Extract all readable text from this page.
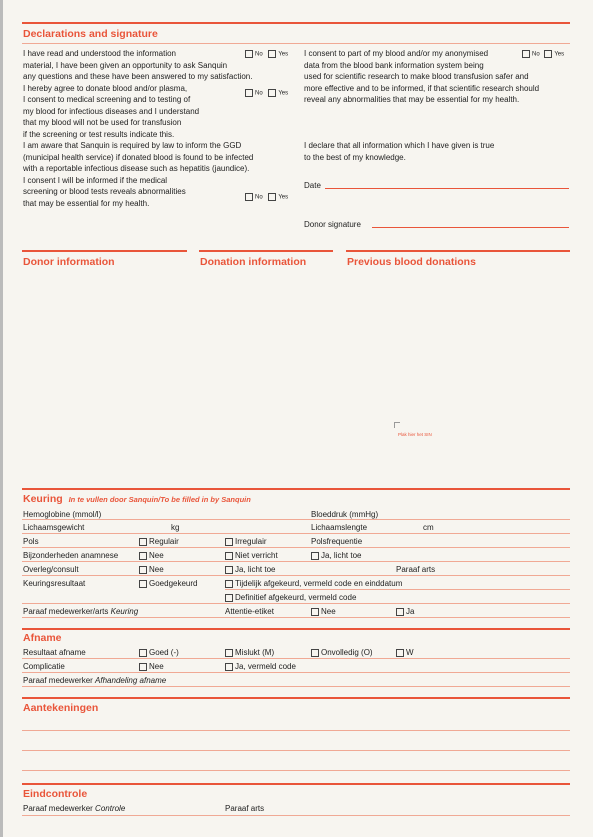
Declarations and signature
I have read and understood the information
material, I have been given an opportunity to ask Sanquin
any questions and these have been answered to my satisfaction.
I hereby agree to donate blood and/or plasma,
I consent to medical screening and to testing of
my blood for infectious diseases and I understand
that my blood will not be used for transfusion
if the screening or test results indicate this.
I am aware that Sanquin is required by law to inform the GGD
(municipal health service) if donated blood is found to be infected
with a reportable infectious disease such as hepatitis (jaundice).
I consent I will be informed if the medical
screening or blood tests reveals abnormalities
that may be essential for my health.
No	Yes
No	Yes
No	Yes
I consent to part of my blood and/or my anonymised
data from the blood bank information system being
used for scientific research to make blood transfusion safer and
more effective and to be informed, if that scientific research should
reveal any abnormalities that may be essential for my health.
No Yes
I declare that all information which I have given is true
to the best of my knowledge.
Date
Donor signature
Donor information	Donation information	Previous blood donations
Plak hier het SIN
Keuring In te vullen door Sanquin/To be filled in by Sanquin
Hemoglobine (mmol/l)	Bloeddruk (mmHg)
Lichaamsgewicht	kg	Lichaamslengte	cm
Pols	Regulair	Irregulair	Polsfrequentie
Bijzonderheden anamnese	Nee	Niet verricht	Ja, licht toe
Overleg/consult	Nee	Ja, licht toe	Paraaf arts
Keuringsresultaat	Goedgekeurd	Tijdelijk afgekeurd, vermeld code en einddatum
Definitief afgekeurd, vermeld code
Paraaf medewerker/arts Keuring	Attentie-etiket	Nee	Ja
Afname
Resultaat afname	Goed (-)	Mislukt (M)	Onvolledig (O)	W
Complicatie	Nee	Ja, vermeld code
Paraaf medewerker Afhandeling afname
Aantekeningen
Eindcontrole
Paraaf medewerker Controle	Paraaf arts
